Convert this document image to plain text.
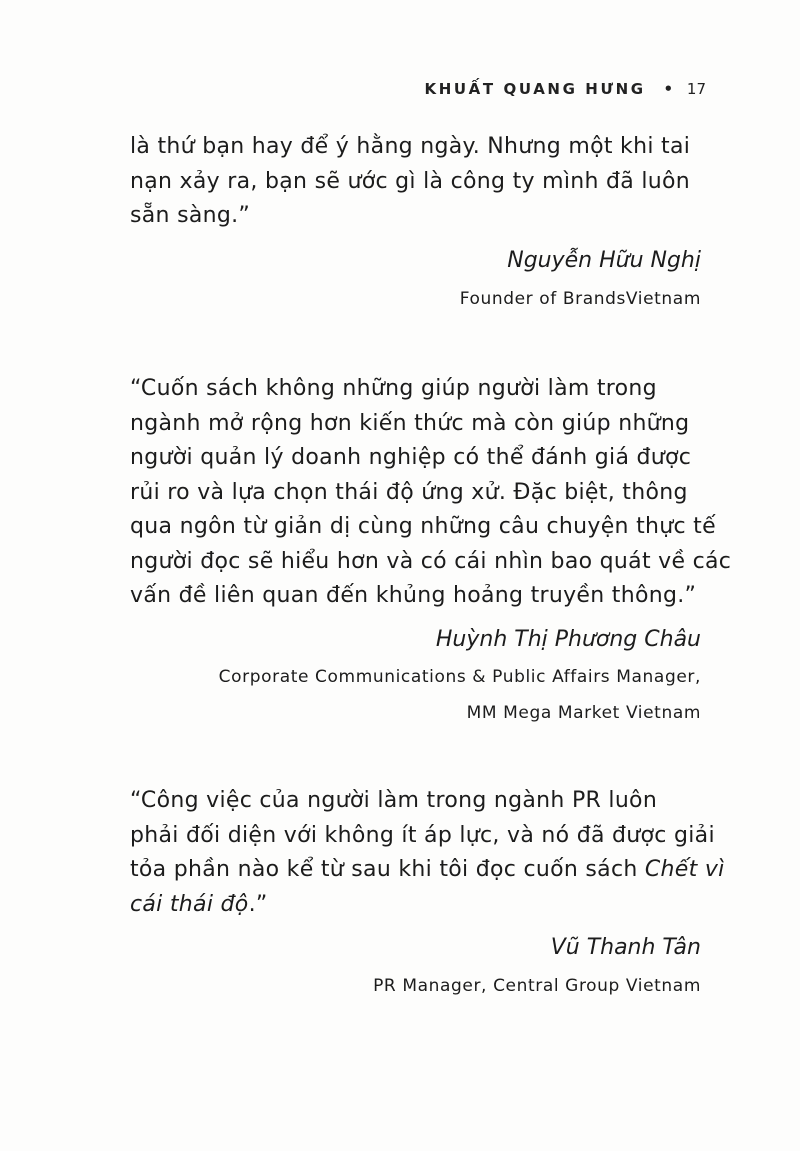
KHUẤT QUANG HƯNG • 17

là thứ bạn hay để ý hằng ngày. Nhưng một khi tai
nạn xảy ra, bạn sẽ ước gì là công ty mình đã luôn
sẵn sàng.”

Nguyễn Hữu Nghị

Founder of BrandsVietnam

“Cuốn sách không những giúp người làm trong
ngành mở rộng hơn kiến thức mà còn giúp những
người quản lý doanh nghiệp có thể đánh giá được
rủi ro và lựa chọn thái độ ứng xử. Đặc biệt, thông
qua ngôn từ giản dị cùng những câu chuyện thực tế
người đọc sẽ hiểu hơn và có cái nhìn bao quát về các
vấn đề liên quan đến khủng hoảng truyền thông.”

Huỳnh Thị Phương Châu

Corporate Communications & Public Affairs Manager,

MM Mega Market Vietnam

“Công việc của người làm trong ngành PR luôn
phải đối diện với không ít áp lực, và nó đã được giải
tỏa phần nào kể từ sau khi tôi đọc cuốn sách Chết vì
cái thái độ.”

Vũ Thanh Tân

PR Manager, Central Group Vietnam
